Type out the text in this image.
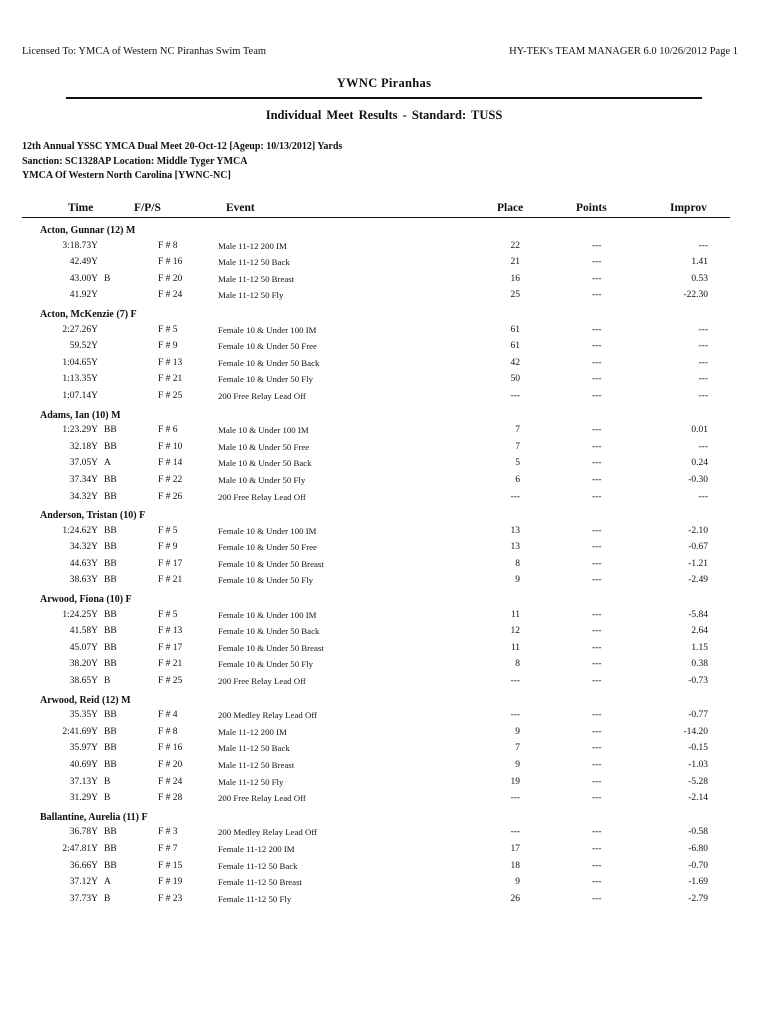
Licensed To: YMCA of Western NC Piranhas Swim Team	HY-TEK's TEAM MANAGER 6.0 10/26/2012 Page 1
YWNC Piranhas
Individual Meet Results - Standard: TUSS
12th Annual YSSC YMCA Dual Meet 20-Oct-12 [Ageup: 10/13/2012] Yards
Sanction: SC1328AP Location: Middle Tyger YMCA
YMCA Of Western North Carolina [YWNC-NC]
Time	F/P/S	Event	Place	Points	Improv
Acton, Gunnar (12) M
3:18.73Y	F # 8	Male 11-12 200 IM	22	---	---
42.49Y	F # 16	Male 11-12 50 Back	21	---	1.41
43.00Y B	F # 20	Male 11-12 50 Breast	16	---	0.53
41.92Y	F # 24	Male 11-12 50 Fly	25	---	-22.30
Acton, McKenzie (7) F
2:27.26Y	F # 5	Female 10 & Under 100 IM	61	---	---
59.52Y	F # 9	Female 10 & Under 50 Free	61	---	---
1:04.65Y	F # 13	Female 10 & Under 50 Back	42	---	---
1:13.35Y	F # 21	Female 10 & Under 50 Fly	50	---	---
1:07.14Y	F # 25	200 Free Relay Lead Off	---	---	---
Adams, Ian (10) M
1:23.29Y BB	F # 6	Male 10 & Under 100 IM	7	---	0.01
32.18Y BB	F # 10	Male 10 & Under 50 Free	7	---	---
37.05Y A	F # 14	Male 10 & Under 50 Back	5	---	0.24
37.34Y BB	F # 22	Male 10 & Under 50 Fly	6	---	-0.30
34.32Y BB	F # 26	200 Free Relay Lead Off	---	---	---
Anderson, Tristan (10) F
1:24.62Y BB	F # 5	Female 10 & Under 100 IM	13	---	-2.10
34.32Y BB	F # 9	Female 10 & Under 50 Free	13	---	-0.67
44.63Y BB	F # 17	Female 10 & Under 50 Breast	8	---	-1.21
38.63Y BB	F # 21	Female 10 & Under 50 Fly	9	---	-2.49
Arwood, Fiona (10) F
1:24.25Y BB	F # 5	Female 10 & Under 100 IM	11	---	-5.84
41.58Y BB	F # 13	Female 10 & Under 50 Back	12	---	2.64
45.07Y BB	F # 17	Female 10 & Under 50 Breast	11	---	1.15
38.20Y BB	F # 21	Female 10 & Under 50 Fly	8	---	0.38
38.65Y B	F # 25	200 Free Relay Lead Off	---	---	-0.73
Arwood, Reid (12) M
35.35Y BB	F # 4	200 Medley Relay Lead Off	---	---	-0.77
2:41.69Y BB	F # 8	Male 11-12 200 IM	9	---	-14.20
35.97Y BB	F # 16	Male 11-12 50 Back	7	---	-0.15
40.69Y BB	F # 20	Male 11-12 50 Breast	9	---	-1.03
37.13Y B	F # 24	Male 11-12 50 Fly	19	---	-5.28
31.29Y B	F # 28	200 Free Relay Lead Off	---	---	-2.14
Ballantine, Aurelia (11) F
36.78Y BB	F # 3	200 Medley Relay Lead Off	---	---	-0.58
2:47.81Y BB	F # 7	Female 11-12 200 IM	17	---	-6.80
36.66Y BB	F # 15	Female 11-12 50 Back	18	---	-0.70
37.12Y A	F # 19	Female 11-12 50 Breast	9	---	-1.69
37.73Y B	F # 23	Female 11-12 50 Fly	26	---	-2.79
